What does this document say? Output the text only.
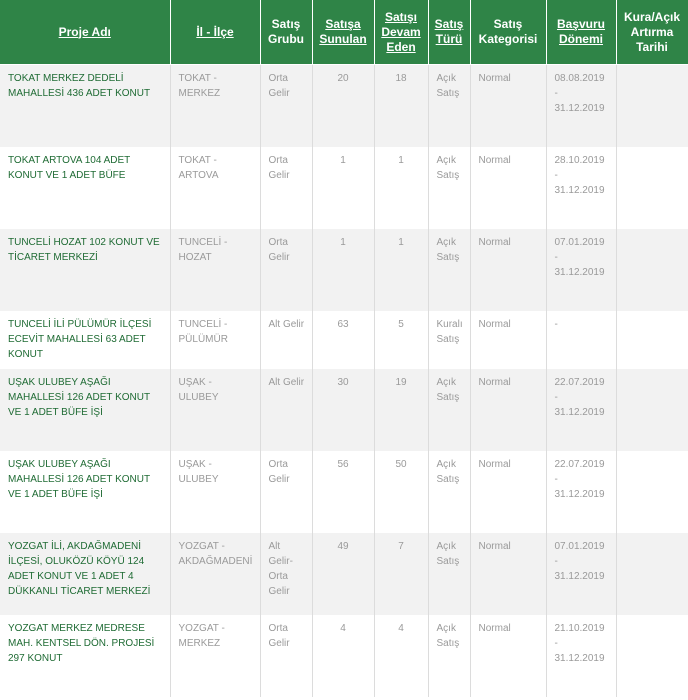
Proje Adı	İl - İlçe	Satış Grubu	Satışa Sunulan	Satışı Devam Eden	Satış Türü	Satış Kategorisi	Başvuru Dönemi	Kura/Açık Artırma Tarihi
TOKAT MERKEZ DEDELİ MAHALLESİ 436 ADET KONUT	TOKAT - MERKEZ	Orta Gelir	20	18	Açık Satış	Normal	08.08.2019 - 31.12.2019	
TOKAT ARTOVA 104 ADET KONUT VE 1 ADET BÜFE	TOKAT - ARTOVA	Orta Gelir	1	1	Açık Satış	Normal	28.10.2019 - 31.12.2019	
TUNCELİ HOZAT 102 KONUT VE TİCARET MERKEZİ	TUNCELİ - HOZAT	Orta Gelir	1	1	Açık Satış	Normal	07.01.2019 - 31.12.2019	
TUNCELİ İLİ PÜLÜMÜR İLÇESİ ECEVİT MAHALLESİ 63 ADET KONUT	TUNCELİ - PÜLÜMÜR	Alt Gelir	63	5	Kuralı Satış	Normal	-	
UŞAK ULUBEY AŞAĞI MAHALLESİ 126 ADET KONUT VE 1 ADET BÜFE İŞİ	UŞAK - ULUBEY	Alt Gelir	30	19	Açık Satış	Normal	22.07.2019 - 31.12.2019	
UŞAK ULUBEY AŞAĞI MAHALLESİ 126 ADET KONUT VE 1 ADET BÜFE İŞİ	UŞAK - ULUBEY	Orta Gelir	56	50	Açık Satış	Normal	22.07.2019 - 31.12.2019	
YOZGAT İLİ, AKDAĞMADENİ İLÇESİ, OLUKÖZÜ KÖYÜ 124 ADET KONUT VE 1 ADET 4 DÜKKANLI TİCARET MERKEZİ	YOZGAT - AKDAĞMADENİ	Alt Gelir-Orta Gelir	49	7	Açık Satış	Normal	07.01.2019 - 31.12.2019	
YOZGAT MERKEZ MEDRESE MAH. KENTSEL DÖN. PROJESİ 297 KONUT	YOZGAT - MERKEZ	Orta Gelir	4	4	Açık Satış	Normal	21.10.2019 - 31.12.2019	
